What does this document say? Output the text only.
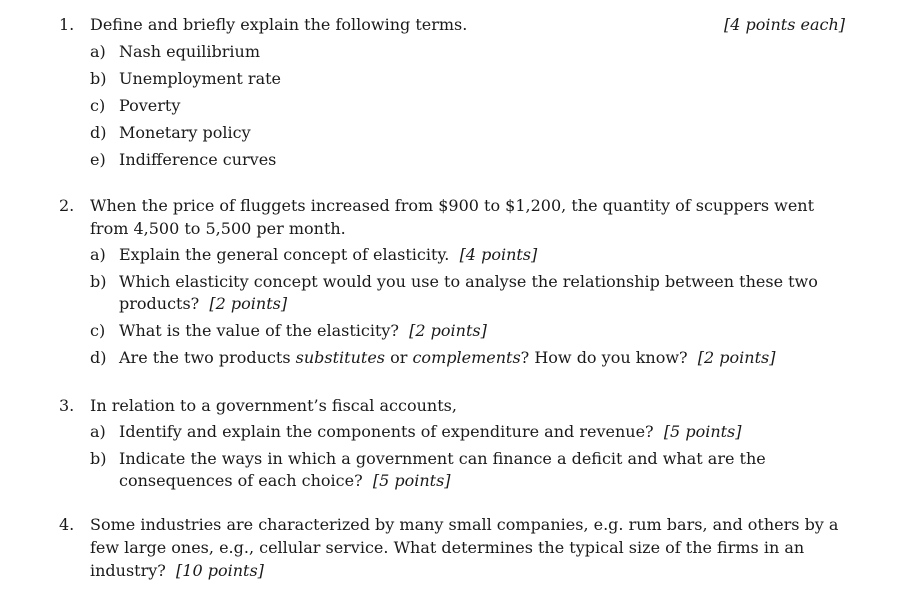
1. Define and briefly explain the following terms.	[4 points each]
a) Nash equilibrium
b) Unemployment rate
c) Poverty
d) Monetary policy
e) Indifference curves
2. When the price of fluggets increased from $900 to $1,200, the quantity of scuppers went from 4,500 to 5,500 per month.
a) Explain the general concept of elasticity. [4 points]
b) Which elasticity concept would you use to analyse the relationship between these two products? [2 points]
c) What is the value of the elasticity? [2 points]
d) Are the two products substitutes or complements? How do you know? [2 points]
3. In relation to a government’s fiscal accounts,
a) Identify and explain the components of expenditure and revenue? [5 points]
b) Indicate the ways in which a government can finance a deficit and what are the consequences of each choice? [5 points]
4. Some industries are characterized by many small companies, e.g. rum bars, and others by a few large ones, e.g., cellular service. What determines the typical size of the firms in an industry? [10 points]
